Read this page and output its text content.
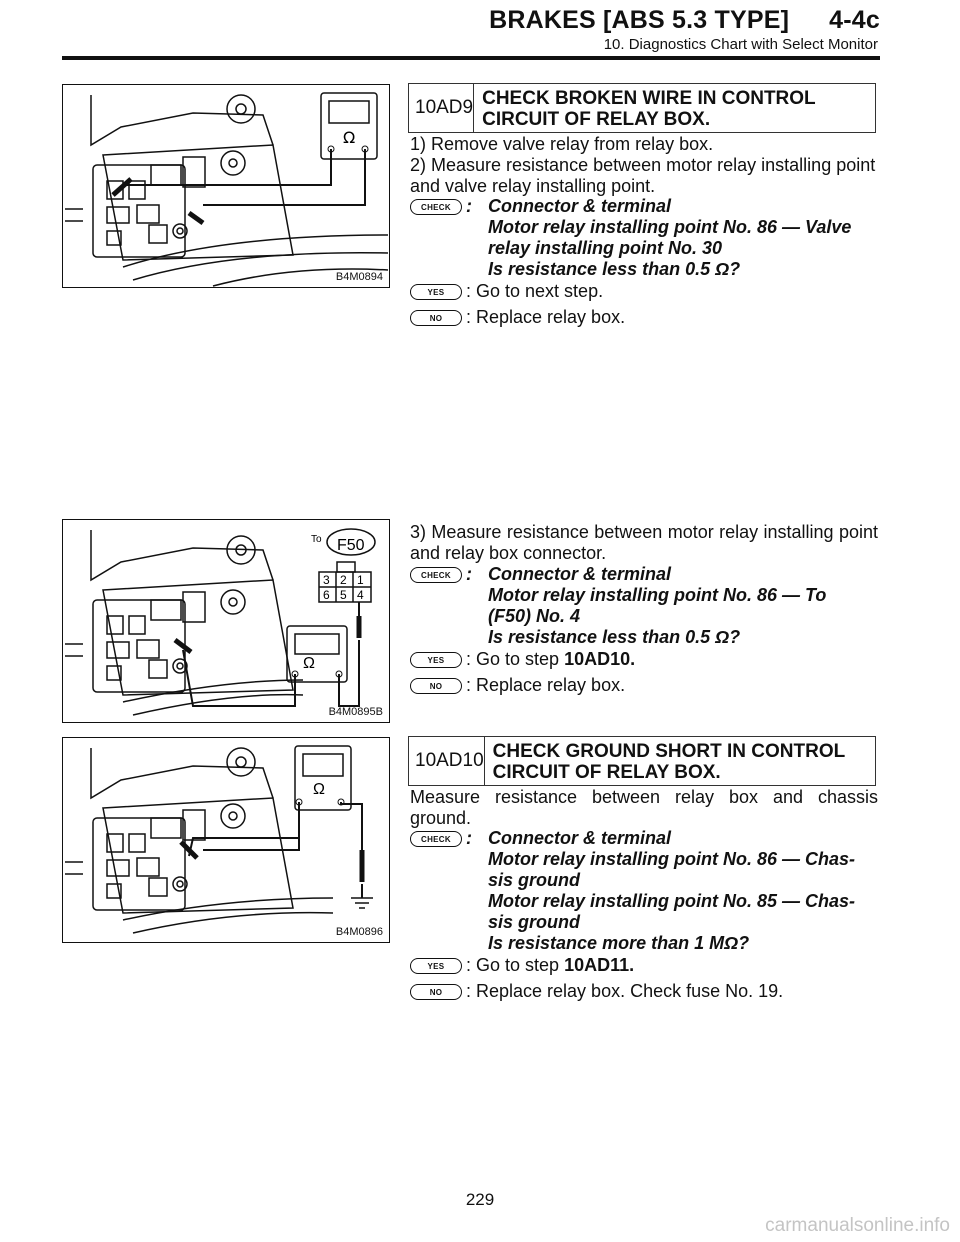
BRAKES [ABS 5.3 TYPE] 4-4c
10. Diagnostics Chart with Select Monitor
Ω
B4M0894
10AD9 CHECK BROKEN WIRE IN CONTROL CIRCUIT OF RELAY BOX.
1) Remove valve relay from relay box.
2) Measure resistance between motor relay installing point and valve relay installing point.
CHECK : Connector & terminal
Motor relay installing point No. 86 — Valve
relay installing point No. 30
Is resistance less than 0.5 Ω?
YES	: Go to next step.
NO	: Replace relay box.
To F50
3 2 1
6 5 4
Ω
B4M0895B
3) Measure resistance between motor relay installing point and relay box connector.
CHECK : Connector & terminal
Motor relay installing point No. 86 — To
(F50) No. 4
Is resistance less than 0.5 Ω?
YES	: Go to step 10AD10.
NO	: Replace relay box.
Ω
B4M0896
10AD10 CHECK GROUND SHORT IN CONTROL CIRCUIT OF RELAY BOX.
Measure resistance between relay box and chassis ground.
CHECK : Connector & terminal
Motor relay installing point No. 86 — Chas-
sis ground
Motor relay installing point No. 85 — Chas-
sis ground
Is resistance more than 1 MΩ?
YES	: Go to step 10AD11.
NO	: Replace relay box. Check fuse No. 19.
229
carmanualsonline.info
